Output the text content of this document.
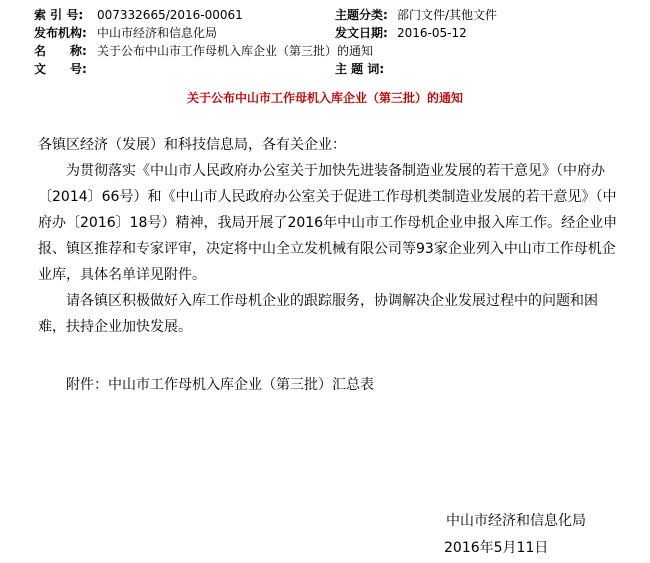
索 引 号: 007332665/2016-00061	主题分类: 部门文件/其他文件
发布机构: 中山市经济和信息化局	发文日期: 2016-05-12
名　　称: 关于公布中山市工作母机入库企业（第三批）的通知
文　　号:	主 题 词:
关于公布中山市工作母机入库企业（第三批）的通知

各镇区经济（发展）和科技信息局，各有关企业：

为贯彻落实《中山市人民政府办公室关于加快先进装备制造业发展的若干意见》（中府办〔2014〕66号）和《中山市人民政府办公室关于促进工作母机类制造业发展的若干意见》（中府办〔2016〕18号）精神，我局开展了2016年中山市工作母机企业申报入库工作。经企业申报、镇区推荐和专家评审，决定将中山全立发机械有限公司等93家企业列入中山市工作母机企业库，具体名单详见附件。

请各镇区积极做好入库工作母机企业的跟踪服务，协调解决企业发展过程中的问题和困难，扶持企业加快发展。

附件：中山市工作母机入库企业（第三批）汇总表
中山市经济和信息化局
2016年5月11日
